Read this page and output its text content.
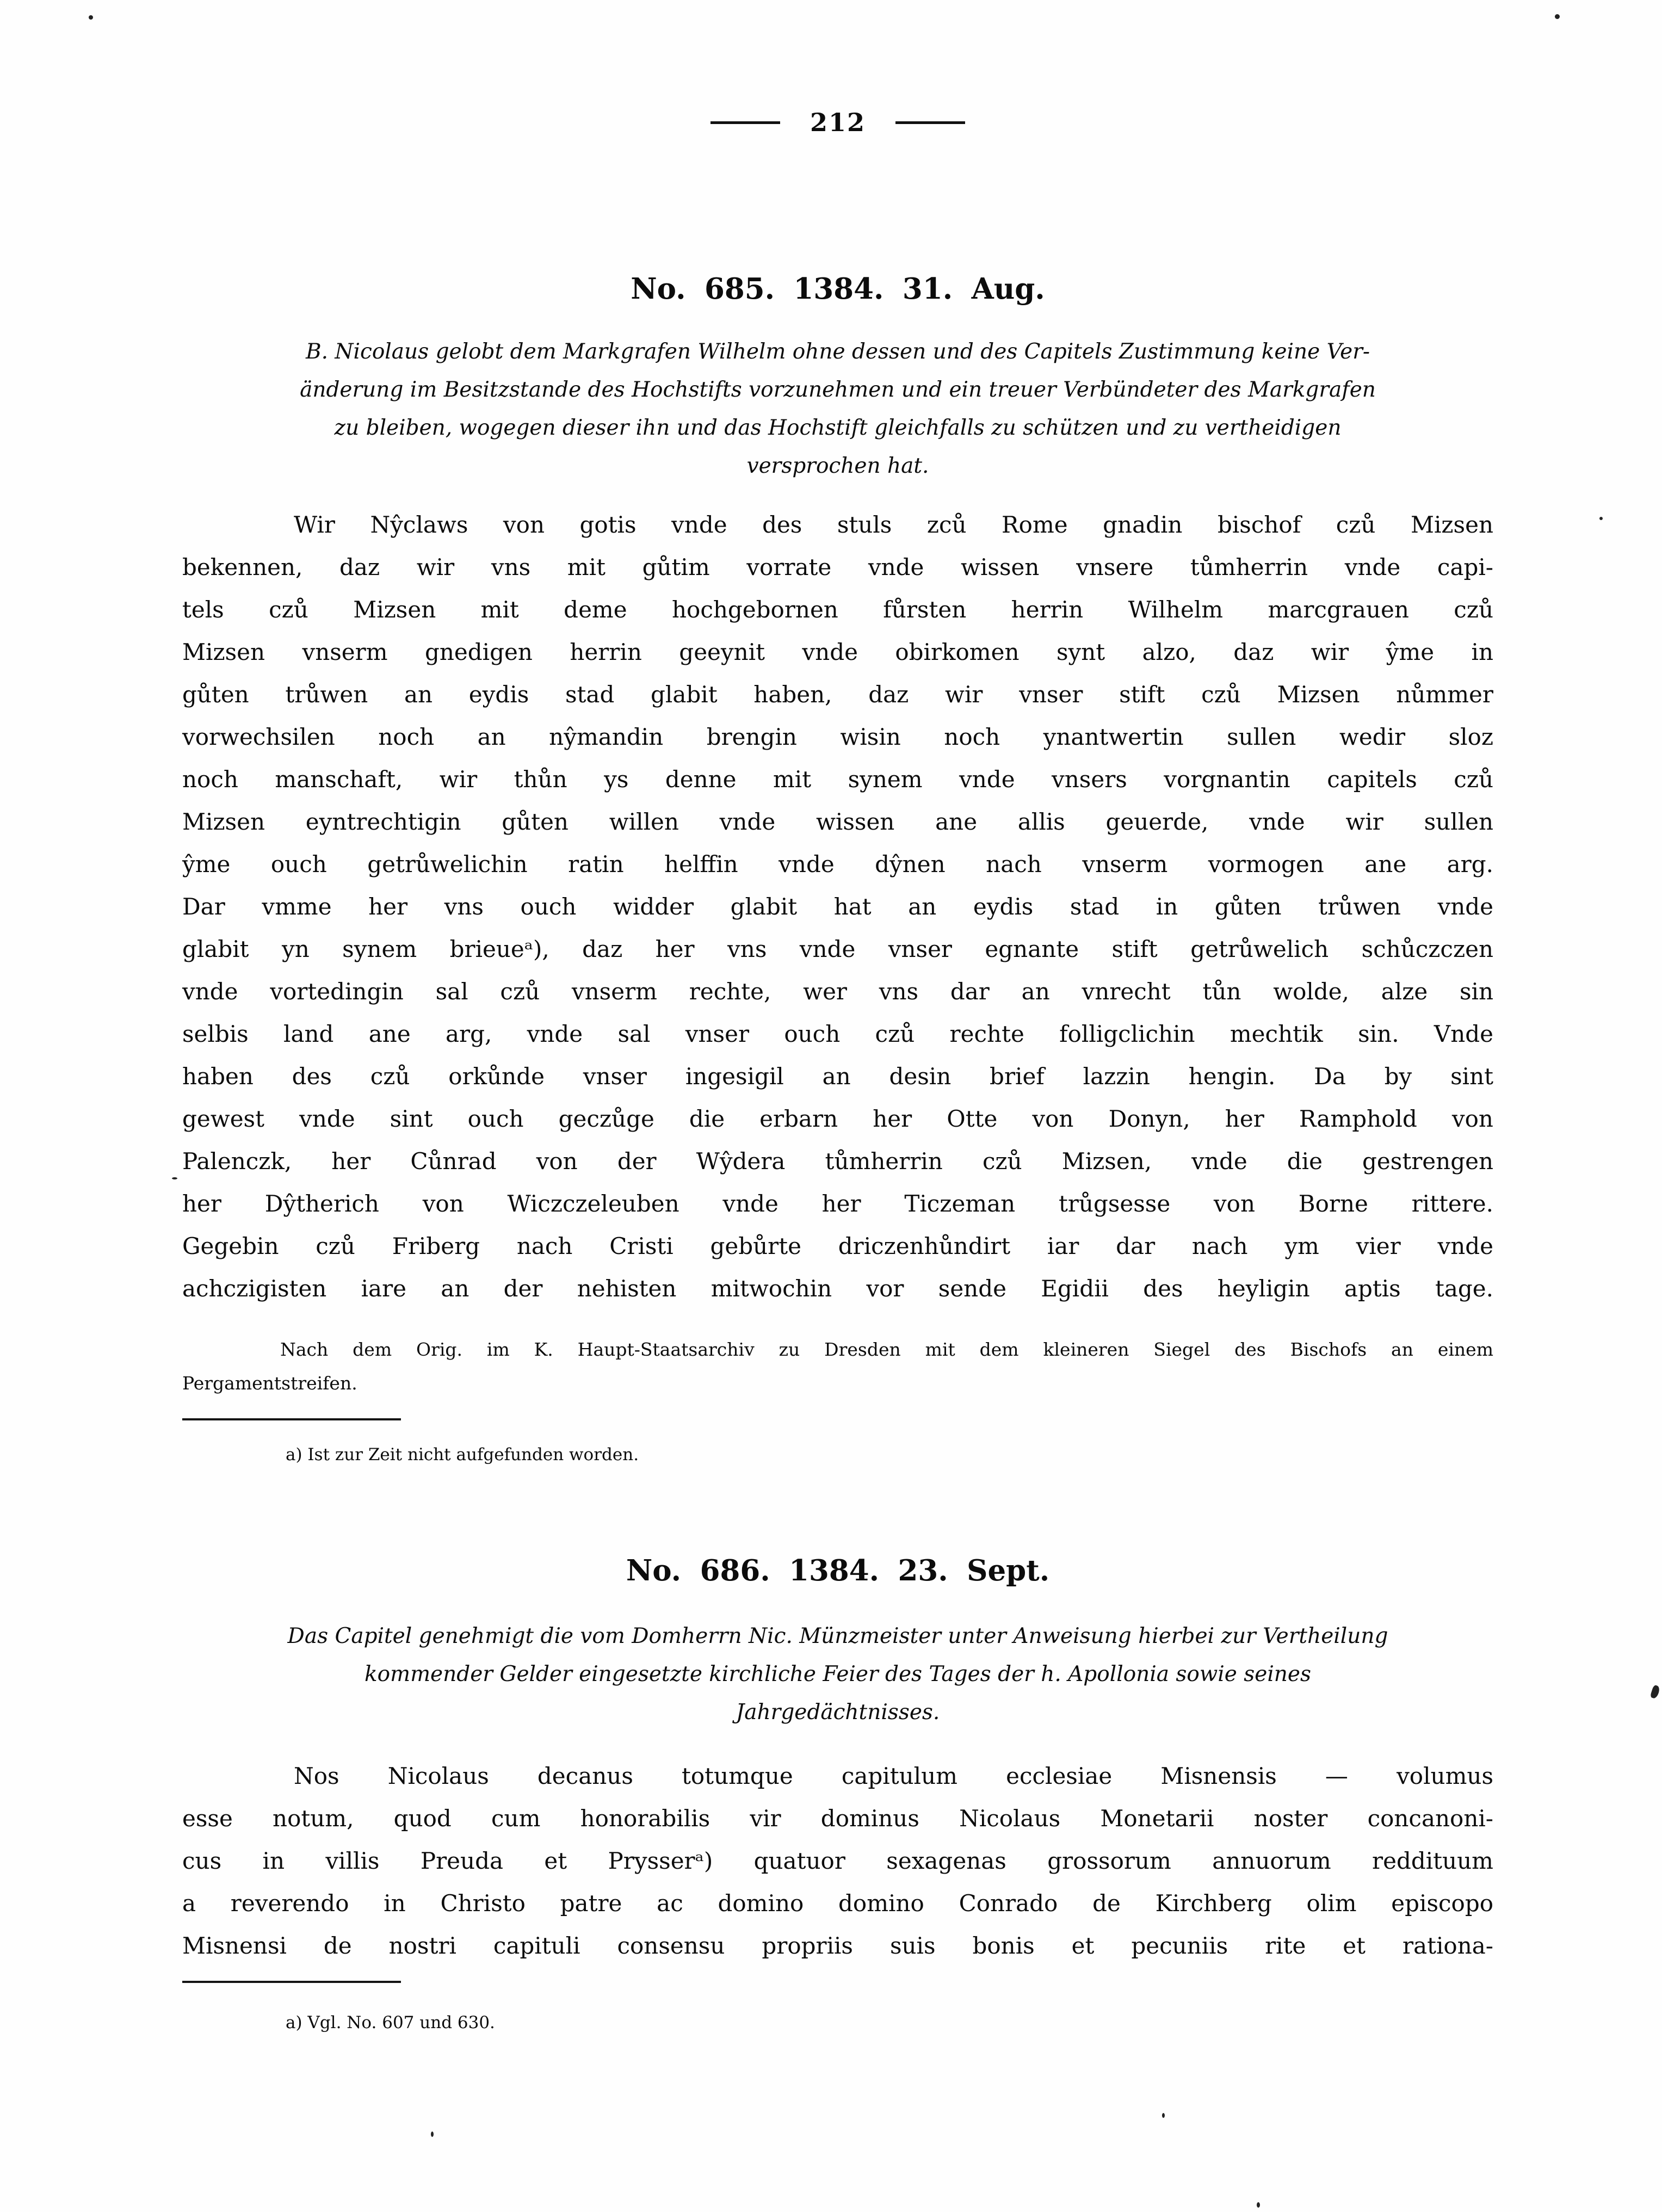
212
No. 685. 1384. 31. Aug.
B. Nicolaus gelobt dem Markgrafen Wilhelm ohne dessen und des Capitels Zustimmung keine Ver-
änderung im Besitzstande des Hochstifts vorzunehmen und ein treuer Verbündeter des Markgrafen
zu bleiben, wogegen dieser ihn und das Hochstift gleichfalls zu schützen und zu vertheidigen
versprochen hat.
Wir Nŷclaws von gotis vnde des stuls zců Rome gnadin bischof czů Mizsen
bekennen, daz wir vns mit gůtim vorrate vnde wissen vnsere tůmherrin vnde capi-
tels czů Mizsen mit deme hochgebornen fůrsten herrin Wilhelm marcgrauen czů
Mizsen vnserm gnedigen herrin geeynit vnde obirkomen synt alzo, daz wir ŷme in
gůten trůwen an eydis stad glabit haben, daz wir vnser stift czů Mizsen nůmmer
vorwechsilen noch an nŷmandin brengin wisin noch ynantwertin sullen wedir sloz
noch manschaft, wir thůn ys denne mit synem vnde vnsers vorgnantin capitels czů
Mizsen eyntrechtigin gůten willen vnde wissen ane allis geuerde, vnde wir sullen
ŷme ouch getrůwelichin ratin helffin vnde dŷnen nach vnserm vormogen ane arg.
Dar vmme her vns ouch widder glabit hat an eydis stad in gůten trůwen vnde
glabit yn synem brieueᵃ), daz her vns vnde vnser egnante stift getrůwelich schůczczen
vnde vortedingin sal czů vnserm rechte, wer vns dar an vnrecht tůn wolde, alze sin
selbis land ane arg, vnde sal vnser ouch czů rechte folligclichin mechtik sin. Vnde
haben des czů orkůnde vnser ingesigil an desin brief lazzin hengin. Da by sint
gewest vnde sint ouch geczůge die erbarn her Otte von Donyn, her Ramphold von
Palenczk, her Cůnrad von der Wŷdera tůmherrin czů Mizsen, vnde die gestrengen
her Dŷtherich von Wiczczeleuben vnde her Ticzeman trůgsesse von Borne rittere.
Gegebin czů Friberg nach Cristi gebůrte driczenhůndirt iar dar nach ym vier vnde
achczigisten iare an der nehisten mitwochin vor sende Egidii des heyligin aptis tage.
Nach dem Orig. im K. Haupt-Staatsarchiv zu Dresden mit dem kleineren Siegel des Bischofs an einem
Pergamentstreifen.
a) Ist zur Zeit nicht aufgefunden worden.
No. 686. 1384. 23. Sept.
Das Capitel genehmigt die vom Domherrn Nic. Münzmeister unter Anweisung hierbei zur Vertheilung
kommender Gelder eingesetzte kirchliche Feier des Tages der h. Apollonia sowie seines
Jahrgedächtnisses.
Nos Nicolaus decanus totumque capitulum ecclesiae Misnensis — volumus
esse notum, quod cum honorabilis vir dominus Nicolaus Monetarii noster concanoni-
cus in villis Preuda et Prysserᵃ) quatuor sexagenas grossorum annuorum reddituum
a reverendo in Christo patre ac domino domino Conrado de Kirchberg olim episcopo
Misnensi de nostri capituli consensu propriis suis bonis et pecuniis rite et rationa-
a) Vgl. No. 607 und 630.
